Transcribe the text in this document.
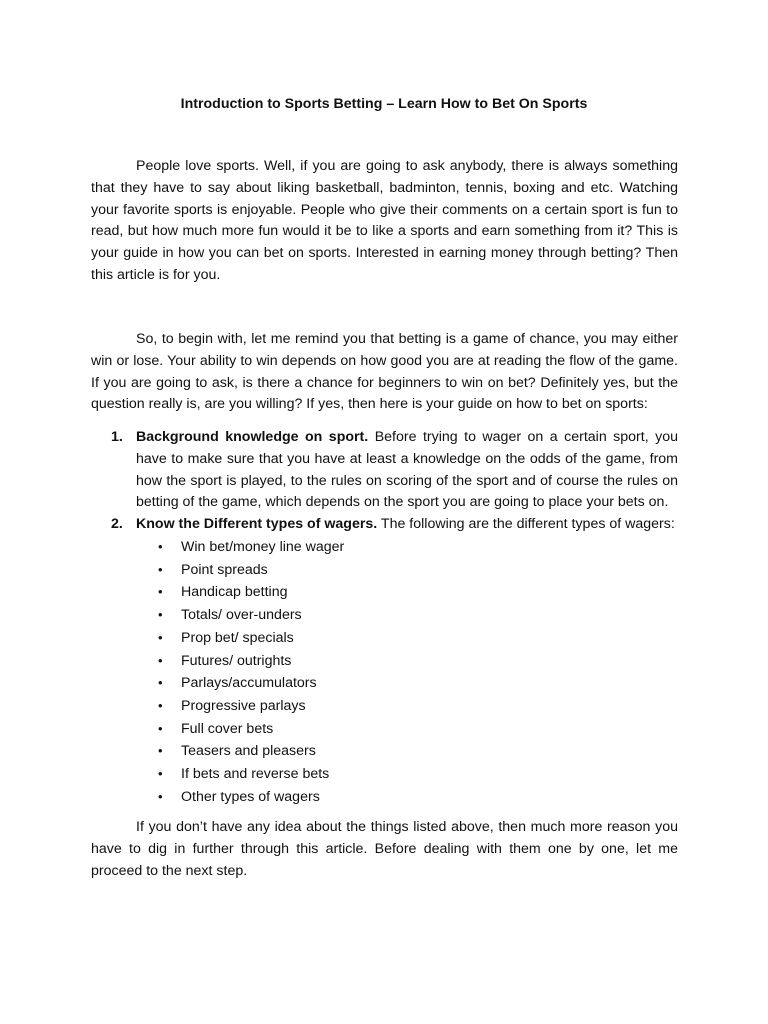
Introduction to Sports Betting – Learn How to Bet On Sports

People love sports. Well, if you are going to ask anybody, there is always something that they have to say about liking basketball, badminton, tennis, boxing and etc. Watching your favorite sports is enjoyable. People who give their comments on a certain sport is fun to read, but how much more fun would it be to like a sports and earn something from it? This is your guide in how you can bet on sports. Interested in earning money through betting? Then this article is for you.

So, to begin with, let me remind you that betting is a game of chance, you may either win or lose. Your ability to win depends on how good you are at reading the flow of the game. If you are going to ask, is there a chance for beginners to win on bet? Definitely yes, but the question really is, are you willing? If yes, then here is your guide on how to bet on sports:

1. Background knowledge on sport. Before trying to wager on a certain sport, you have to make sure that you have at least a knowledge on the odds of the game, from how the sport is played, to the rules on scoring of the sport and of course the rules on betting of the game, which depends on the sport you are going to place your bets on.
2. Know the Different types of wagers. The following are the different types of wagers:
• Win bet/money line wager
• Point spreads
• Handicap betting
• Totals/ over-unders
• Prop bet/ specials
• Futures/ outrights
• Parlays/accumulators
• Progressive parlays
• Full cover bets
• Teasers and pleasers
• If bets and reverse bets
• Other types of wagers

If you don’t have any idea about the things listed above, then much more reason you have to dig in further through this article. Before dealing with them one by one, let me proceed to the next step.
